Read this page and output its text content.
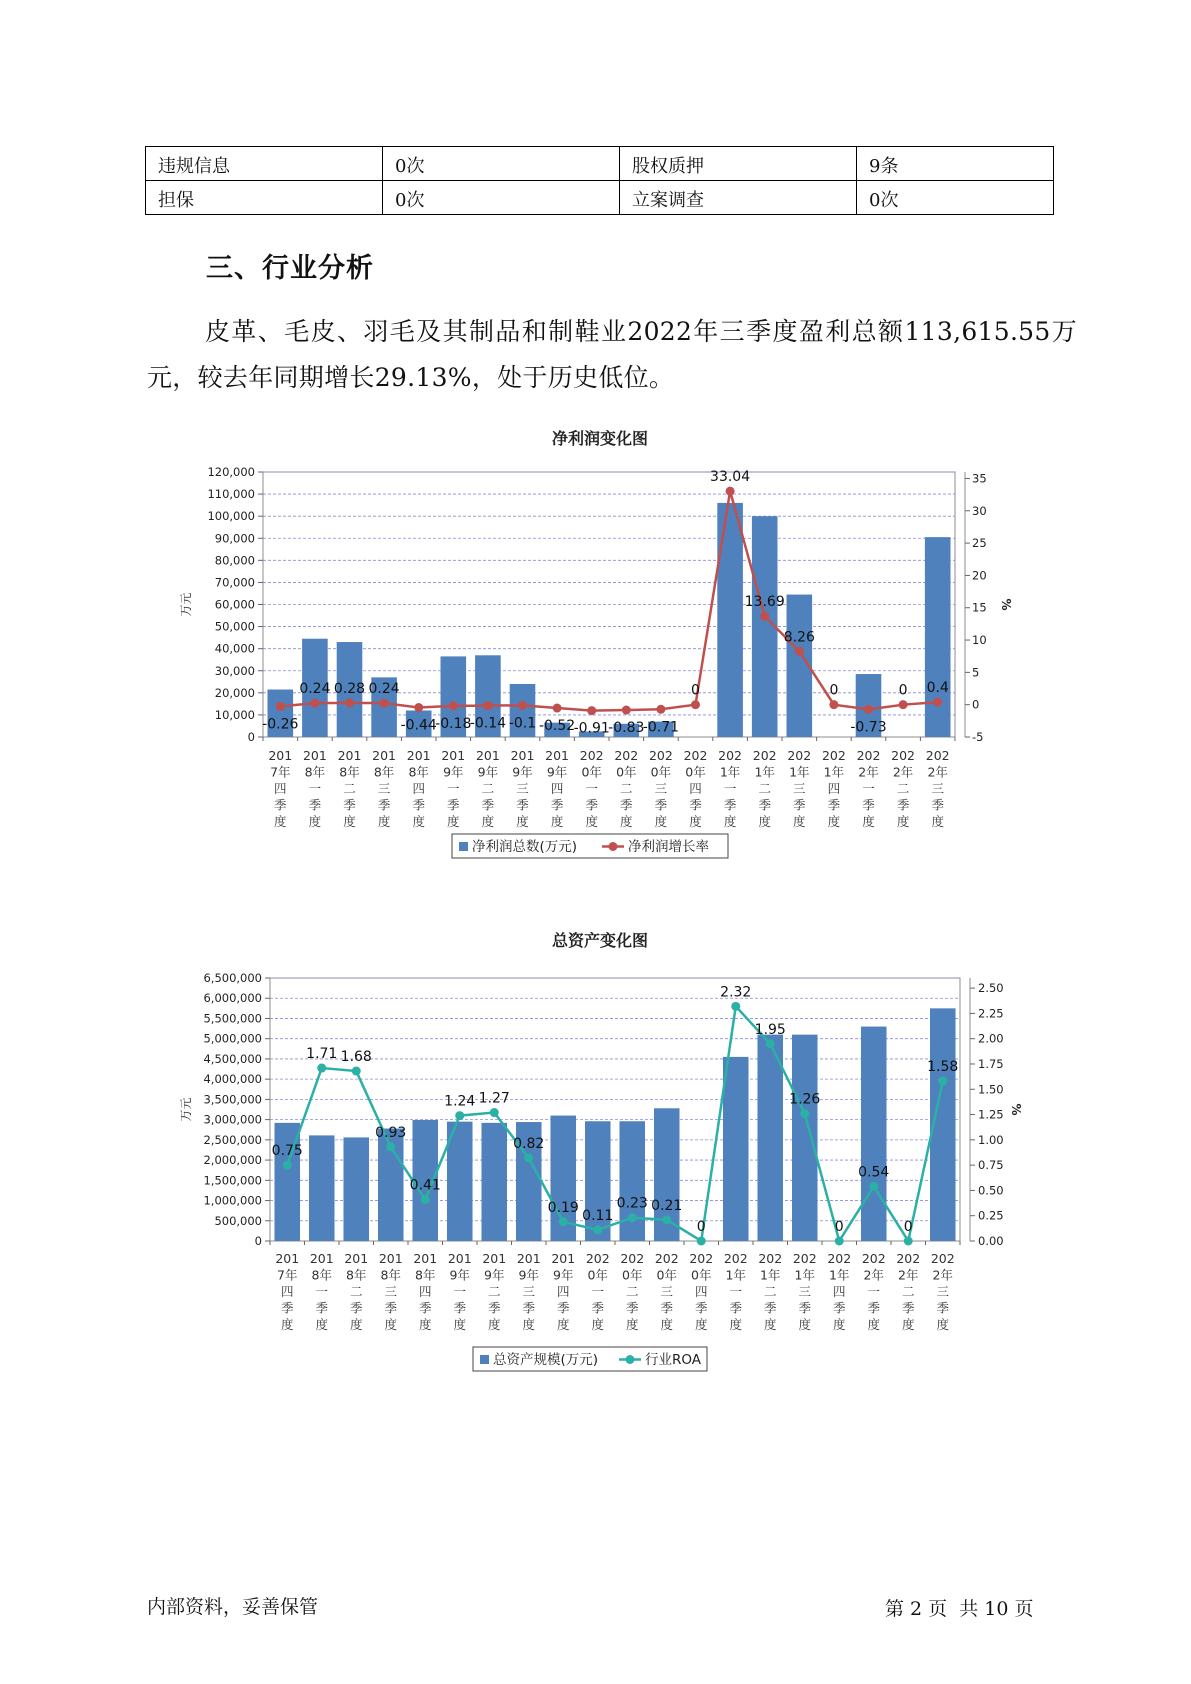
违规信息	0次	股权质押	9条
担保	0次	立案调查	0次
三、行业分析

皮革、毛皮、羽毛及其制品和制鞋业2022年三季度盈利总额113,615.55万元，较去年同期增长29.13%，处于历史低位。

净利润变化图
0
10,000
20,000
30,000
40,000
50,000
60,000
70,000
80,000
90,000
100,000
110,000
120,000
-5
0
5
10
15
20
25
30
35
万元	%
-0.26
0.24 0.28 0.24
-0.44
-0.18
-0.14 -0.1 -0.52
-0.91
-0.83
-0.71
0
33.04
13.69
8.26
0
-0.73
0 0.4
201 7年四季度
201 8年一季度
201 8年二季度
201 8年三季度
201 8年四季度
201 9年一季度
201 9年二季度
201 9年三季度
201 9年四季度
202 0年一季度
202 0年二季度
202 0年三季度
202 0年四季度
202 1年一季度
202 1年二季度
202 1年三季度
202 1年四季度
202 2年一季度
202 2年二季度
202 2年三季度
净利润总数(万元)	净利润增长率
总资产变化图
0
500,000
1,000,000
1,500,000
2,000,000
2,500,000
3,000,000
3,500,000
4,000,000
4,500,000
5,000,000
5,500,000
6,000,000
6,500,000
0.00
0.25
0.50
0.75
1.00
1.25
1.50
1.75
2.00
2.25
2.50
万元	%
0.75
1.71 1.68
0.93
0.41
1.24 1.27
0.82
0.19
0.11
0.23 0.21
0
2.32
1.95
1.26
0
0.54
0
1.58
201 7年四季度
201 8年一季度
201 8年二季度
201 8年三季度
201 8年四季度
201 9年一季度
201 9年二季度
201 9年三季度
201 9年四季度
202 0年一季度
202 0年二季度
202 0年三季度
202 0年四季度
202 1年一季度
202 1年二季度
202 1年三季度
202 1年四季度
202 2年一季度
202 2年二季度
202 2年三季度
总资产规模(万元)	行业ROA
内部资料，妥善保管	第 2 页  共 10 页
